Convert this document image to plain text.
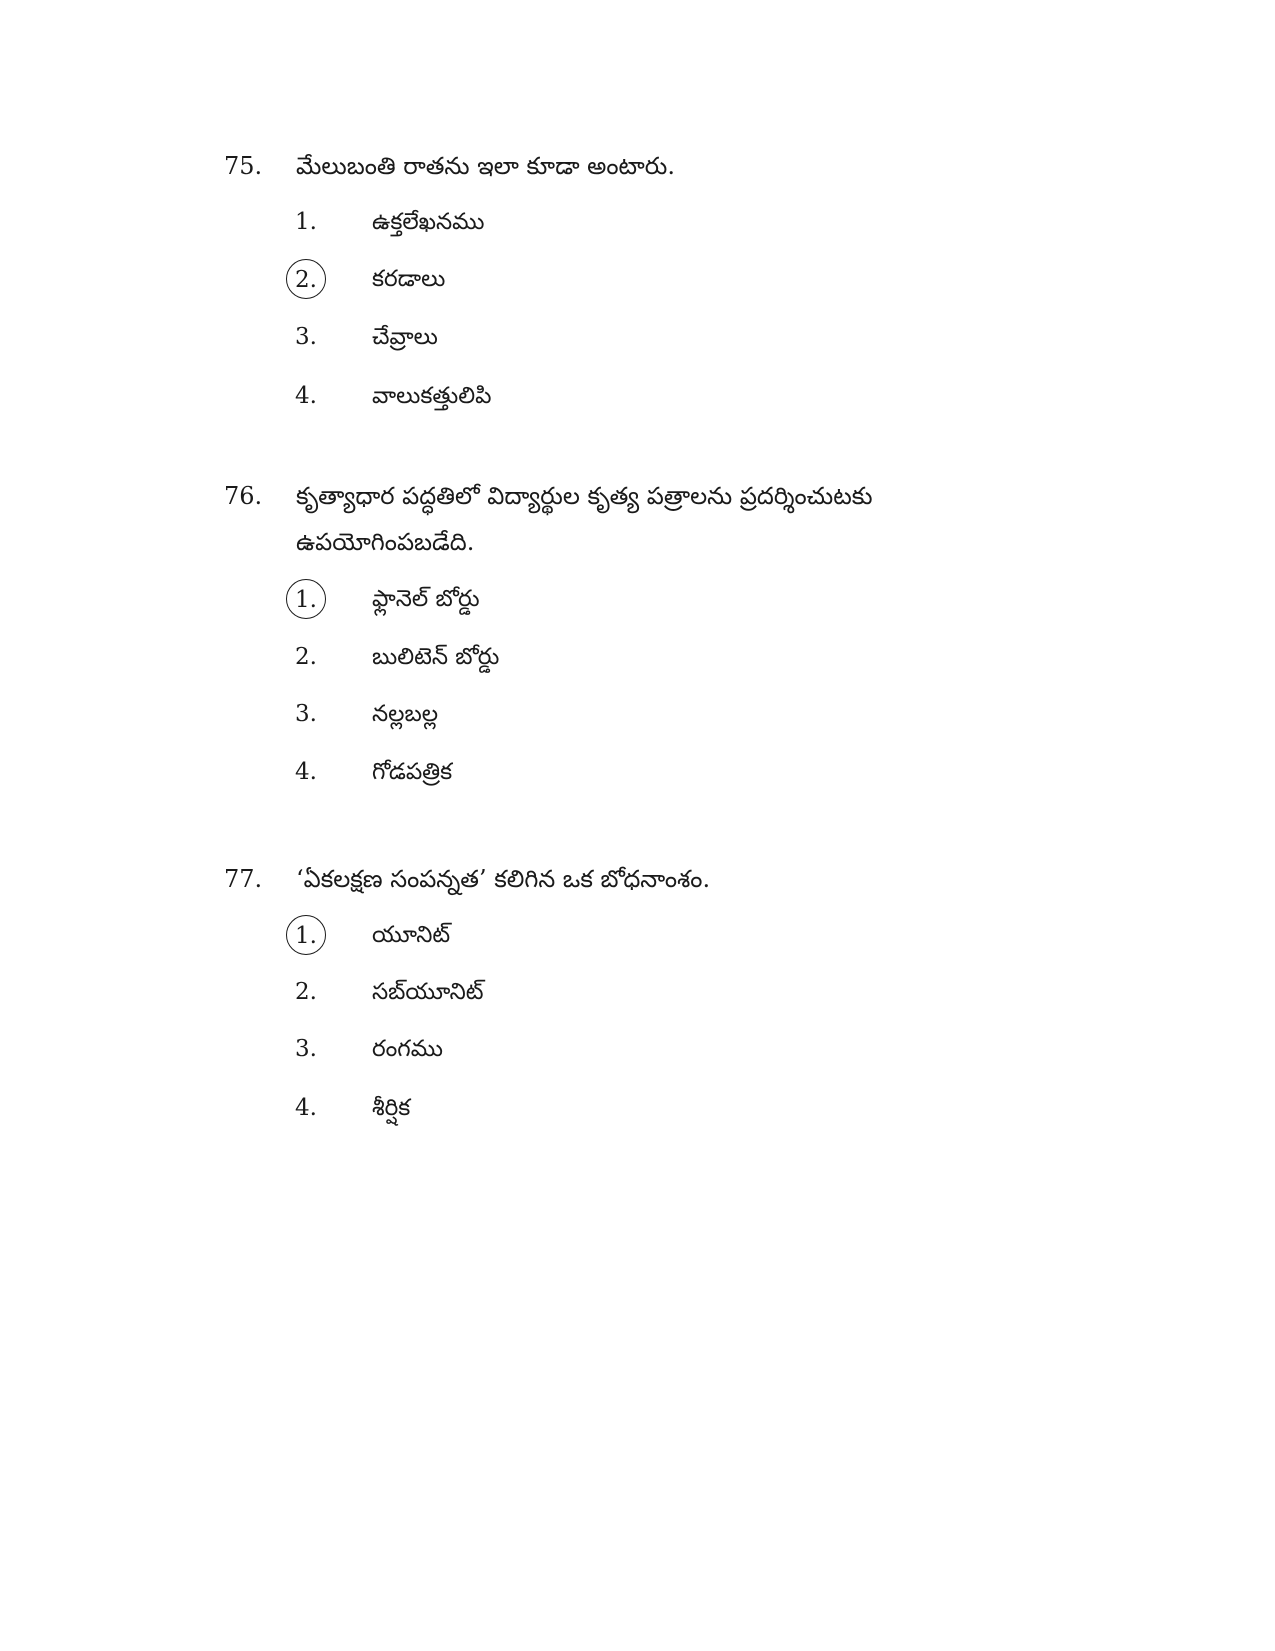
75. మేలుబంతి రాతను ఇలా కూడా అంటారు.
1.	ఉక్తలేఖనము
2.	కరడాలు
3.	చేవ్రాలు
4.	వాలుకత్తులిపి
76. కృత్యాధార పద్ధతిలో విద్యార్థుల కృత్య పత్రాలను ప్రదర్శించుటకు ఉపయోగింపబడేది.
1.	ఫ్లానెల్ బోర్డు
2.	బులిటెన్ బోర్డు
3.	నల్లబల్ల
4.	గోడపత్రిక
77. ‘ఏకలక్షణ సంపన్నత’ కలిగిన ఒక బోధనాంశం.
1.	యూనిట్
2.	సబ్‌యూనిట్
3.	రంగము
4.	శీర్షిక
